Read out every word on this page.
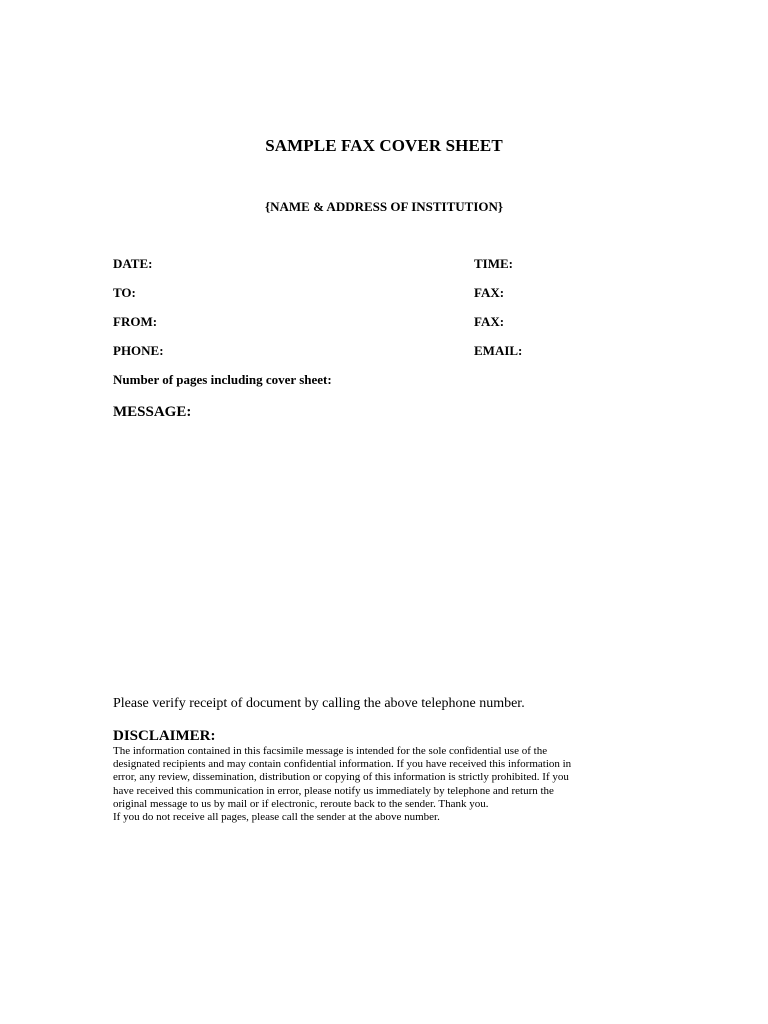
SAMPLE FAX COVER SHEET
{NAME & ADDRESS OF INSTITUTION}
DATE:	TIME:
TO:	FAX:
FROM:	FAX:
PHONE:	EMAIL:
Number of pages including cover sheet:
MESSAGE:
Please verify receipt of document by calling the above telephone number.
DISCLAIMER:
The information contained in this facsimile message is intended for the sole confidential use of the
designated recipients and may contain confidential information. If you have received this information in
error, any review, dissemination, distribution or copying of this information is strictly prohibited. If you
have received this communication in error, please notify us immediately by telephone and return the
original message to us by mail or if electronic, reroute back to the sender. Thank you.
If you do not receive all pages, please call the sender at the above number.
